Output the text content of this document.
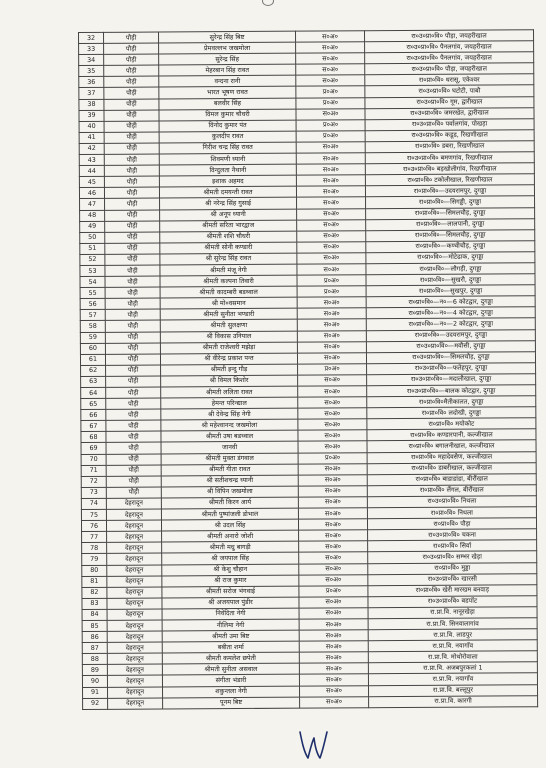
32	पौड़ी	सुरेन्द्र सिंह बिष्ट	स०अ०	रा०उ०प्रा०वि० पौड़ा, जयहरीखाल
33	पौड़ी	प्रेमवल्लभ जखमोला	स०अ०	रा०उ०प्रा०वि० पैनलगांव, जयहरीखाल
34	पौड़ी	सुरेन्द्र सिंह	स०अ०	रा०उ०प्रा०वि० पैनलगांव, जयहरीखाल
35	पौड़ी	मेहरबान सिंह रावत	स०अ०	रा०उ०प्रा०वि० पौड़ा, जयहरीखाल
36	पौड़ी	वन्दना रानी	स०अ०	रा०प्रा०वि० धरासू, एकेश्वर
37	पौड़ी	भारत भूषण रावत	प्र०अ०	रा०उ०प्रा०वि० घटोटी, पाबौ
38	पौड़ी	बलवीर सिंह	प्र०अ०	रा०उ०प्रा०वि० गूम, द्वारीखाल
39	पौड़ी	विमल कुमार चौधरी	स०अ०	रा०उ०प्रा०वि० जमरखेत, द्वारीखाल
40	पौड़ी	विनोद कुमार पंत	प्र०अ०	रा०उ०प्रा०वि० पर्वालगांव, पोखड़ा
41	पौड़ी	कुलदीप रावत	प्र०अ०	रा०उ०प्रा०वि० कडूड, रिखणीखाल
42	पौड़ी	गिरीश चन्द्र सिंह रावत	स०अ०	रा०प्रा०वि० डबरा, रिखणीखाल
43	पौड़ी	शिवमणी ध्यानी	स०अ०	रा०उ०प्रा०वि० बमणगांव, रिखणीखाल
44	पौड़ी	विन्दुलता नैथानी	स०अ०	रा०उ०प्रा०वि० बड़खोलीगांव, रिखणीखाल
45	पौड़ी	इशाक अहमद	स०अ०	रा०प्रा०वि० टकोलीखाल, रिखणीखाल
46	पौड़ी	श्रीमती दमयन्ती रावत	स०अ०	रा०प्रा०वि०—उदयरामपुर, दुगड्डा
47	पौड़ी	श्री नरेन्द्र सिंह गुसाई	स०अ०	रा०प्रा०वि०—सिगड्डी, दुगड्डा
48	पौड़ी	श्री अनूप ध्यानी	स०अ०	रा०प्रा०वि०—सिमलचौड़, दुगड्डा
49	पौड़ी	श्रीमती सरिता भारद्वाज	स०अ०	रा०प्रा०वि०—लालपानी, दुगड्डा
50	पौड़ी	श्रीमती शशि चौधरी	स०अ०	रा०प्रा०वि०—सिमलचौड़, दुगड्डा
51	पौड़ी	श्रीमती सोनी कण्डारी	स०अ०	रा०प्रा०वि०—कण्वीचौड़, दुगड्डा
52	पौड़ी	श्री सुरेन्द्र सिंह रावत	स०अ०	रा०प्रा०वि०—मोटेढाक, दुगड्डा
53	पौड़ी	श्रीमती मंजू नेगी	स०अ०	रा०प्रा०वि०—लौगड़ी, दुगड्डा
54	पौड़ी	श्रीमती कल्पना तिवारी	प्र०अ०	रा०प्रा०वि०—सुखरौ, दुगड्डा
55	पौड़ी	श्रीमती कादम्बरी बडथ्वाल	प्र०अ०	रा०प्रा०वि०—सुखपुर, दुगड्डा
56	पौड़ी	श्री मो०वसमान	स०अ०	रा०प्रा०वि०—न०—6 कोटद्वार, दुगड्डा
57	पौड़ी	श्रीमती सुनीता भण्डारी	स०अ०	रा०प्रा०वि०—न०—4 कोटद्वार, दुगड्डा
58	पौड़ी	श्रीमती सुलक्षणा	स०अ०	रा०प्रा०वि०—न०—2 कोटद्वार, दुगड्डा
59	पौड़ी	श्री विकास उनियाल	स०अ०	रा०प्रा०वि०—उदयरामपुर, दुगड्डा
60	पौड़ी	श्रीमती राजेश्वरी मझेड़ा	स०अ०	रा०उ०प्रा०वि०—मवौसी, दुगड्डा
61	पौड़ी	श्री वीरेन्द्र प्रकाश पन्त	स०अ०	रा०उ०प्रा०वि०—सिमलचौड़, दुगड्डा
62	पौड़ी	श्रीमती इन्दु गौड़	प्र०अ०	रा०उ०प्रा०वि०—फतेहपुर, दुगड्डा
63	पौड़ी	श्री विमल किशोर	स०अ०	रा०उ०प्रा०वि०—मदालौखाल, दुगड्डा
64	पौड़ी	श्रीमती ललिता रावत	स०अ०	रा०उ०प्रा०वि०—बालक कोटद्वार, दुगड्डा
65	पौड़ी	हेमन्त परिन्द्याल	स०अ०	रा०प्रा०वि०मैतीकालत, दुगड्डा
66	पौड़ी	श्री देवेन्द्र सिंह नेगी	स०अ०	रा०प्रा०वि० लदोखी, दुगड्डा
67	पौड़ी	श्री महेश्वानन्द जखमोला	स०अ०	रा०प्रा०वि० मयोकोट
68	पौड़ी	श्रीमती उषा बडथ्वाल	स०अ०	रा०प्रा०वि० कण्डारपानी, कल्जीखाल
69	पौड़ी	जानवी	स०अ०	रा०प्रा०वि० बगालनीखाल, कल्जीखाल
70	पौड़ी	श्रीमती मुक्ता डंगवाल	प्र०अ०	रा०प्रा०वि० महादेवसैण, कल्जीखाल
71	पौड़ी	श्रीमती गीता रावत	स०अ०	रा०प्रा०वि० डाबरीखाल, कल्जीखाल
72	पौड़ी	श्री सतीशचन्द्र ध्यानी	स०अ०	रा०प्रा०वि० बाडाडांडा, बीरौंखाल
73	पौड़ी	श्री विपिन जखमोला	स०अ०	रा०प्रा०वि० लैंगल, बीरौंखाल
74	देहरादून	श्रीमती किरन आर्य	स०अ०	रा०उ०प्रा०वि० निथला
75	देहरादून	श्रीमती पुष्पांजली डोभाल	स०अ०	रा०प्रा०वि० निथला
76	देहरादून	श्री उदल सिंह	स०अ०	रा०प्रा०वि० पौड़ा
77	देहरादून	श्रीमती अनारो जोशी	स०अ०	रा०उ०प्रा०वि० चकना
78	देहरादून	श्रीमती मधु बागड़ी	स०अ०	रा०प्रा०वि० सिर्वा
79	देहरादून	श्री जयपाल सिंह	स०अ०	रा०उ०प्रा०वि० सम्भर खेड़ा
80	देहरादून	श्री केशु चौहान	स०अ०	रा०प्रा०वि० मुड्डा
81	देहरादून	श्री राज कुमार	स०अ०	रा०उ०प्रा०वि० खारसी
82	देहरादून	श्रीमती सरोज भंगवाई	प्र०अ०	रा०प्रा०वि० खेरी मारखम बनवाड़
83	देहरादून	श्री अजयपाल पुंडीर	स०अ०	रा०उ०प्रा०वि० बडपॉट
84	देहरादून	निवेदिता नेगी	स०अ०	रा.प्रा.वि. नानूरखेड़ा
85	देहरादून	नीलिमा नेगी	स०अ०	रा.प्रा.वि. सिनवालागांव
86	देहरादून	श्रीमती उमा बिष्ट	स०अ०	रा.प्रा.वि. लाडपुर
87	देहरादून	बबीता शर्मा	स०अ०	रा.प्रा.वि. नयागाँव
88	देहरादून	श्रीमती कमलेश छपेती	स०अ०	रा.प्रा.वि. मोथोरोवाला
89	देहरादून	श्रीमती सुनीता असवाल	स०अ०	रा.प्रा.वि. अजबपुरकलां 1
90	देहरादून	संगीता भंडारी	स०अ०	रा.प्रा.वि. नयागाँव
91	देहरादून	शकुन्तला नेगी	स०अ०	रा.प्रा.वि. बल्लूपुर
92	देहरादून	पूनम बिष्ट	स०अ०	रा.प्रा.वि. कारगी
